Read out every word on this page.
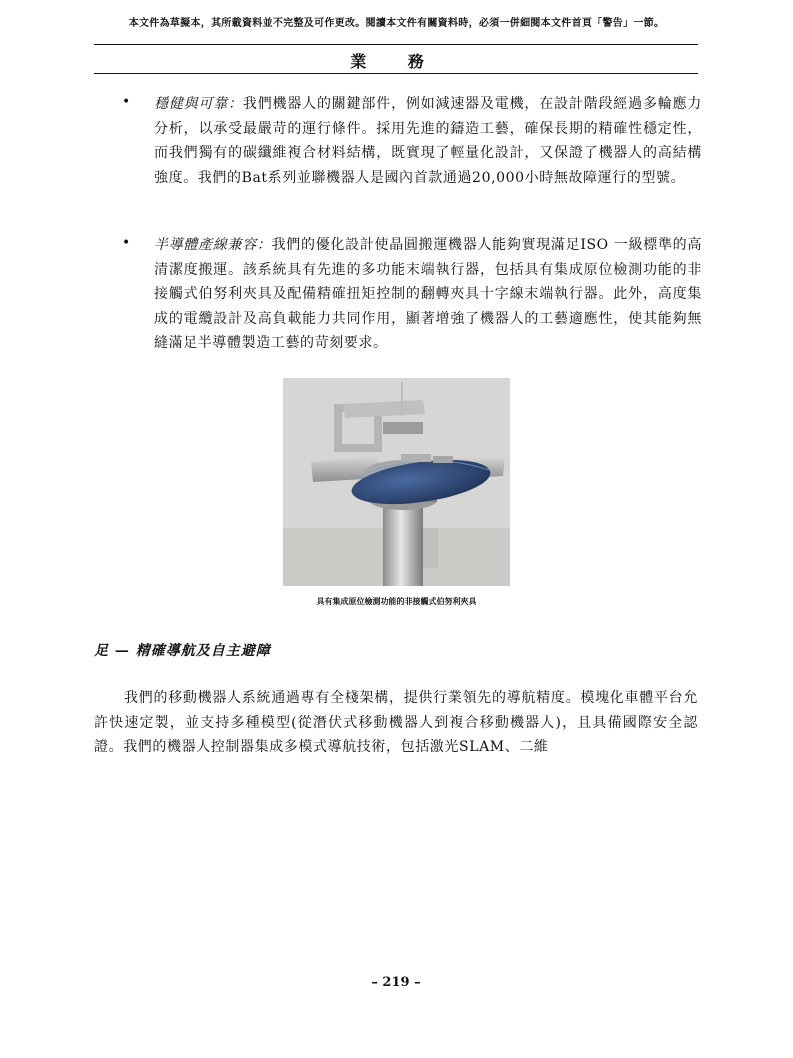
本文件為草擬本，其所載資料並不完整及可作更改。閱讀本文件有關資料時，必須一併細閱本文件首頁「警告」一節。
業 務
• 穩健與可靠：我們機器人的關鍵部件，例如減速器及電機，在設計階段經過多輪應力分析，以承受最嚴苛的運行條件。採用先進的鑄造工藝，確保長期的精確性穩定性，而我們獨有的碳纖維複合材料結構，既實現了輕量化設計，又保證了機器人的高結構強度。我們的Bat系列並聯機器人是國內首款通過20,000小時無故障運行的型號。
• 半導體產線兼容：我們的優化設計使晶圓搬運機器人能夠實現滿足ISO 一級標準的高清潔度搬運。該系統具有先進的多功能末端執行器，包括具有集成原位檢測功能的非接觸式伯努利夾具及配備精確扭矩控制的翻轉夾具十字線末端執行器。此外，高度集成的電纜設計及高負載能力共同作用，顯著增強了機器人的工藝適應性，使其能夠無縫滿足半導體製造工藝的苛刻要求。
具有集成原位檢測功能的非接觸式伯努利夾具
足 — 精確導航及自主避障
我們的移動機器人系統通過專有全棧架構，提供行業領先的導航精度。模塊化車體平台允許快速定製，並支持多種模型(從潛伏式移動機器人到複合移動機器人)，且具備國際安全認證。我們的機器人控制器集成多模式導航技術，包括激光SLAM、二維
– 219 –
